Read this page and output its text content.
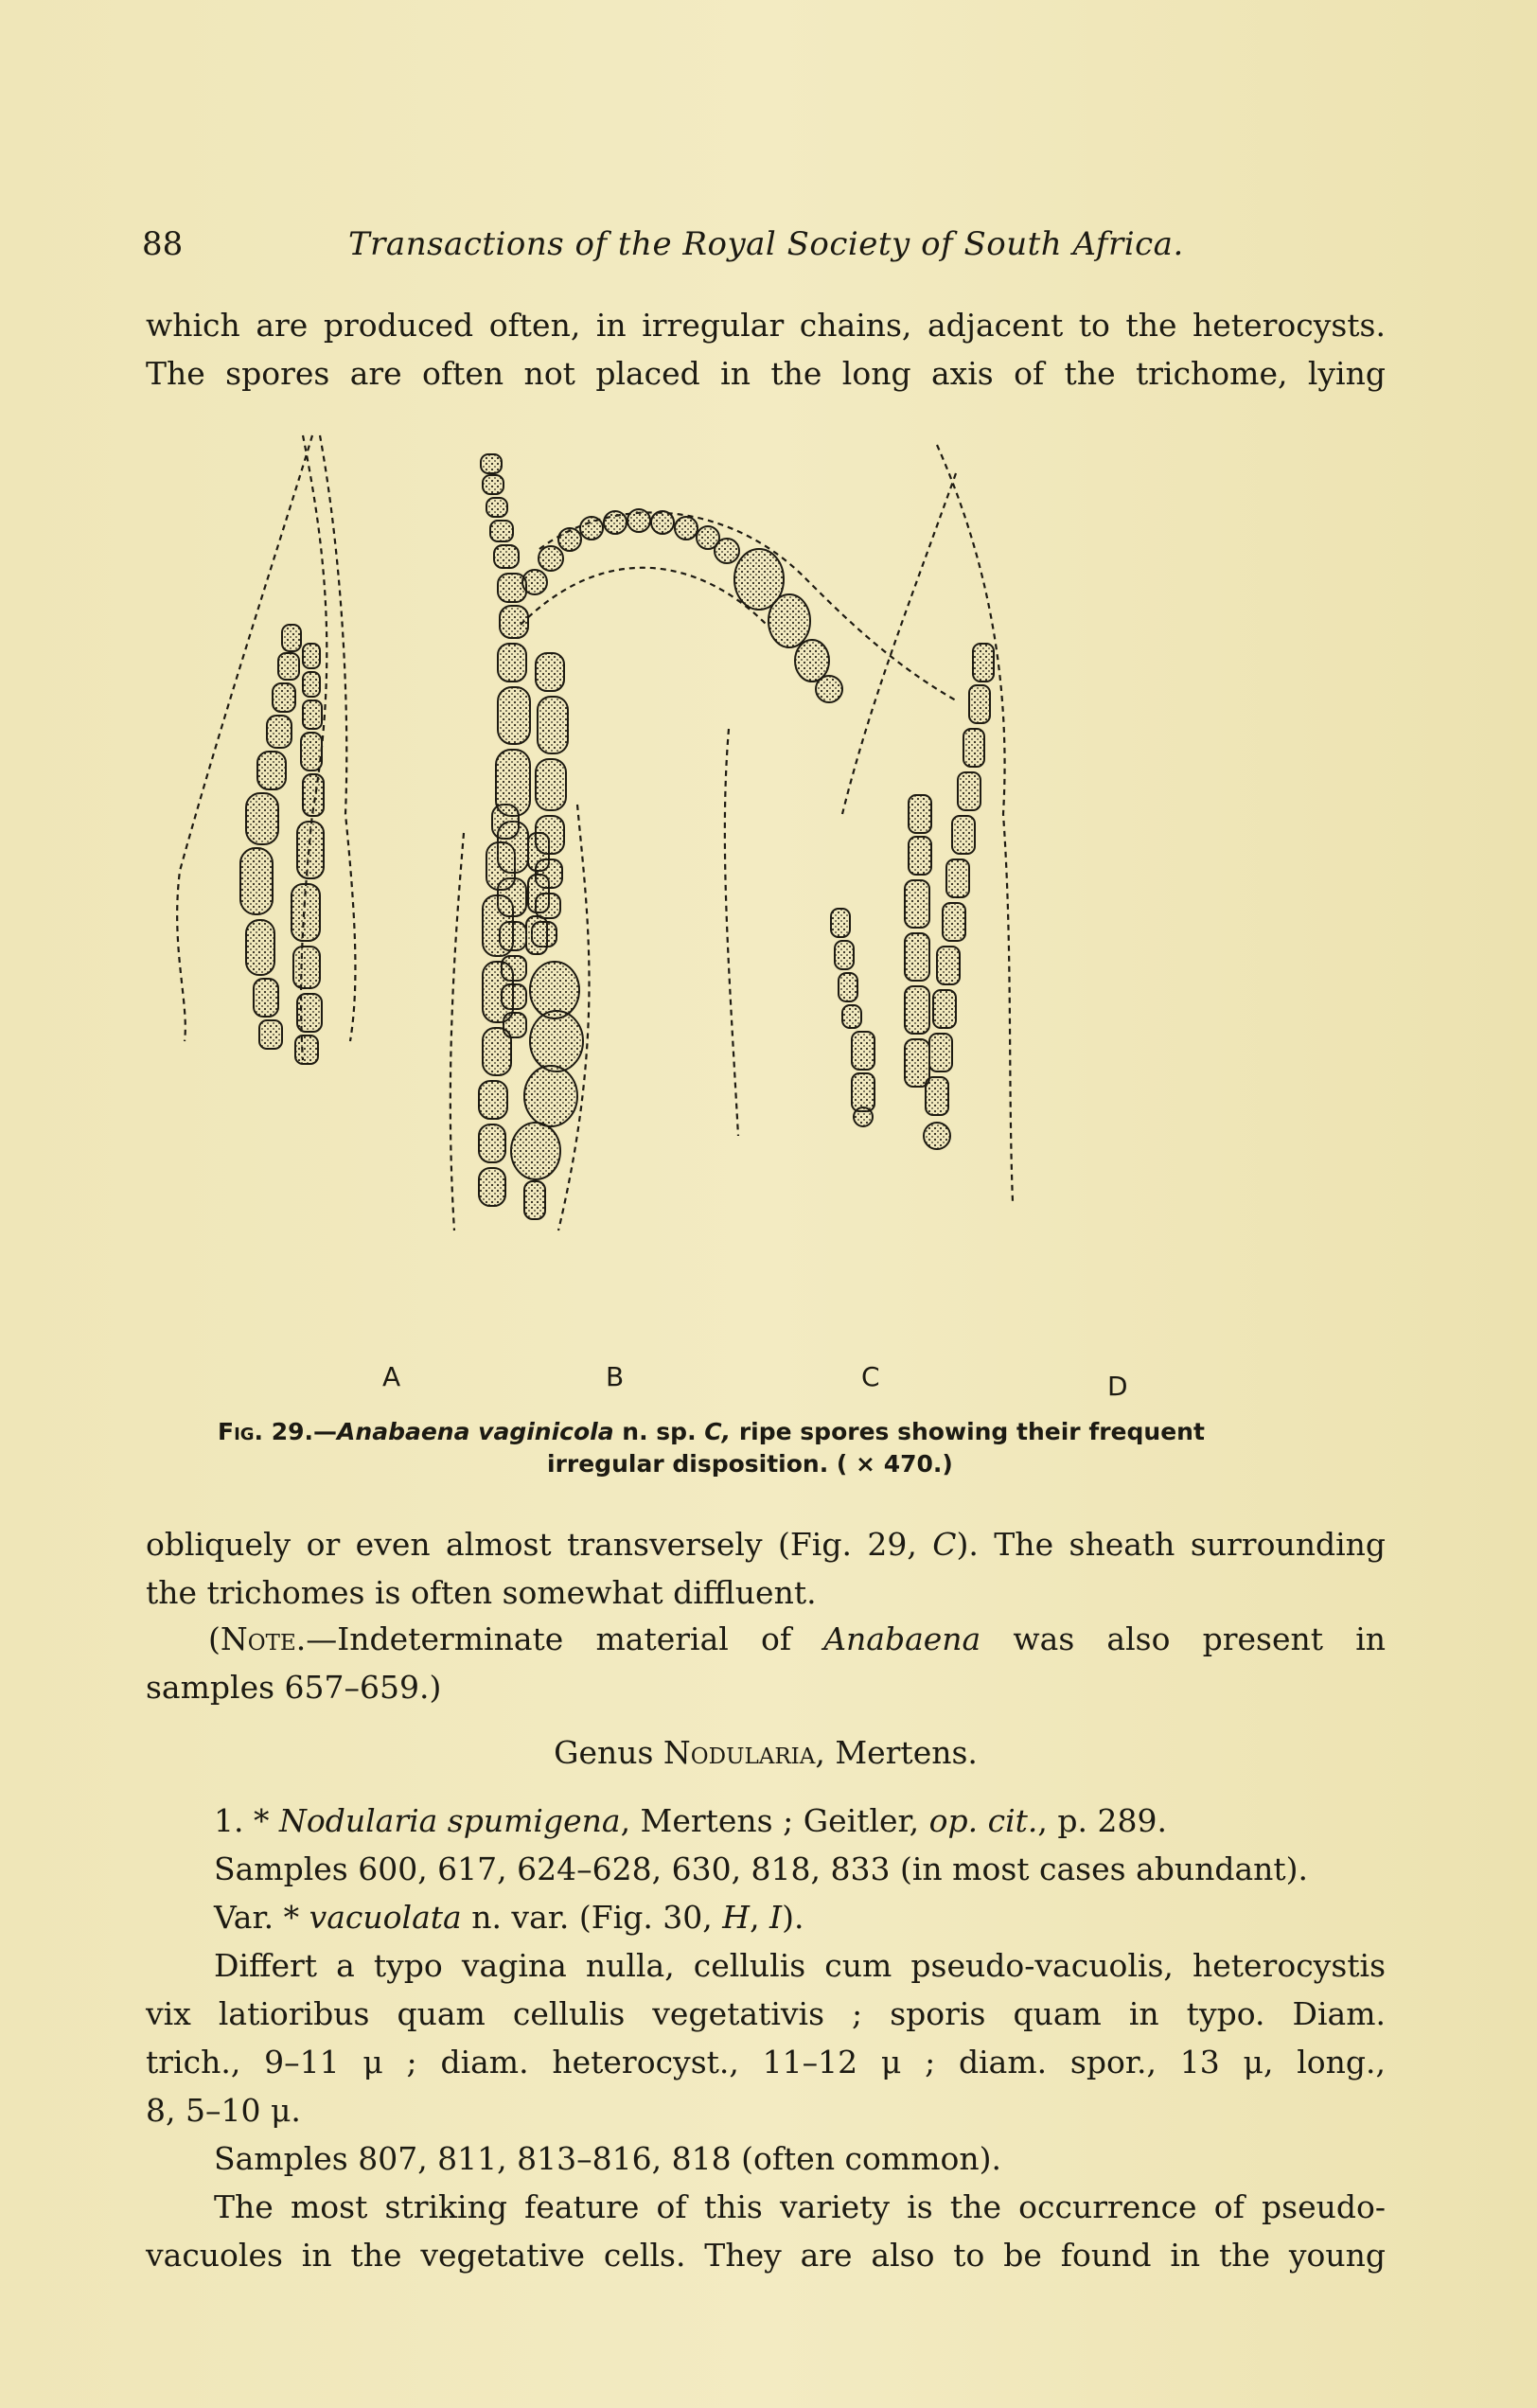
88	Transactions of the Royal Society of South Africa.
which are produced often, in irregular chains, adjacent to the heterocysts.
The spores are often not placed in the long axis of the trichome, lying
A	B	C	D
Fig. 29.—Anabaena vaginicola n. sp. C, ripe spores showing their frequent
irregular disposition. ( × 470.)
obliquely or even almost transversely (Fig. 29, C). The sheath surrounding
the trichomes is often somewhat diffluent.
(Note.—Indeterminate material of Anabaena was also present in
samples 657–659.)
Genus Nodularia, Mertens.
1. * Nodularia spumigena, Mertens ; Geitler, op. cit., p. 289.
Samples 600, 617, 624–628, 630, 818, 833 (in most cases abundant).
Var. * vacuolata n. var. (Fig. 30, H, I).
Differt a typo vagina nulla, cellulis cum pseudo-vacuolis, heterocystis
vix latioribus quam cellulis vegetativis ; sporis quam in typo. Diam.
trich., 9–11 μ ; diam. heterocyst., 11–12 μ ; diam. spor., 13 μ, long.,
8, 5–10 μ.
Samples 807, 811, 813–816, 818 (often common).
The most striking feature of this variety is the occurrence of pseudo-
vacuoles in the vegetative cells. They are also to be found in the young
